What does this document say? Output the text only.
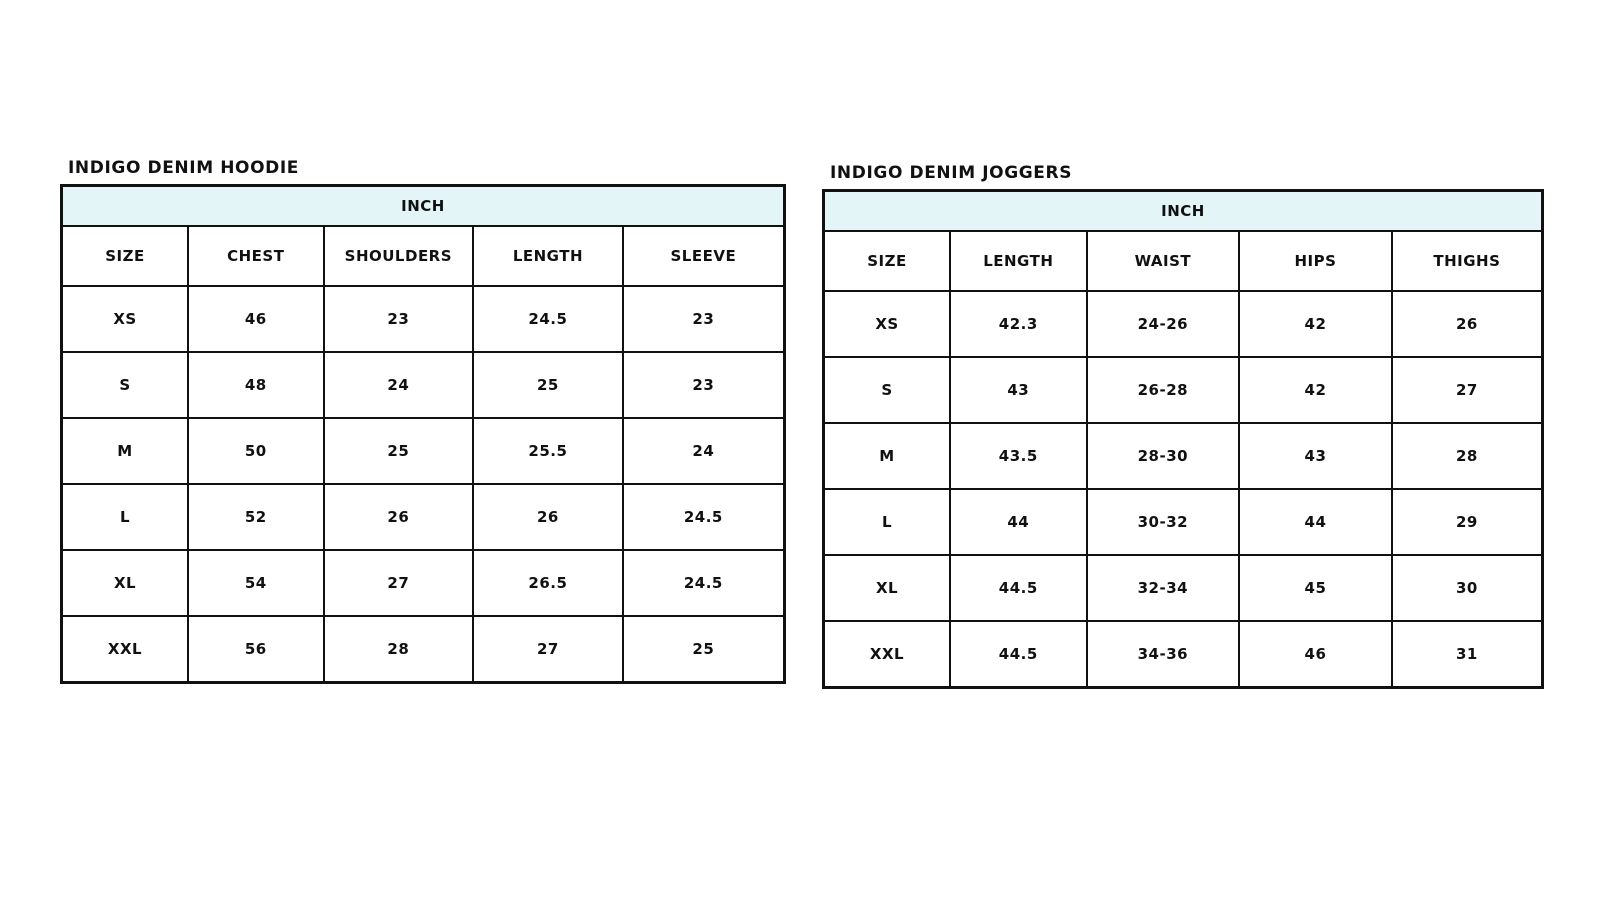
INDIGO DENIM HOODIE
INCH				
SIZE	CHEST	SHOULDERS	LENGTH	SLEEVE
XS	46	23	24.5	23
S	48	24	25	23
M	50	25	25.5	24
L	52	26	26	24.5
XL	54	27	26.5	24.5
XXL	56	28	27	25
INDIGO DENIM JOGGERS
INCH				
SIZE	LENGTH	WAIST	HIPS	THIGHS
XS	42.3	24-26	42	26
S	43	26-28	42	27
M	43.5	28-30	43	28
L	44	30-32	44	29
XL	44.5	32-34	45	30
XXL	44.5	34-36	46	31
